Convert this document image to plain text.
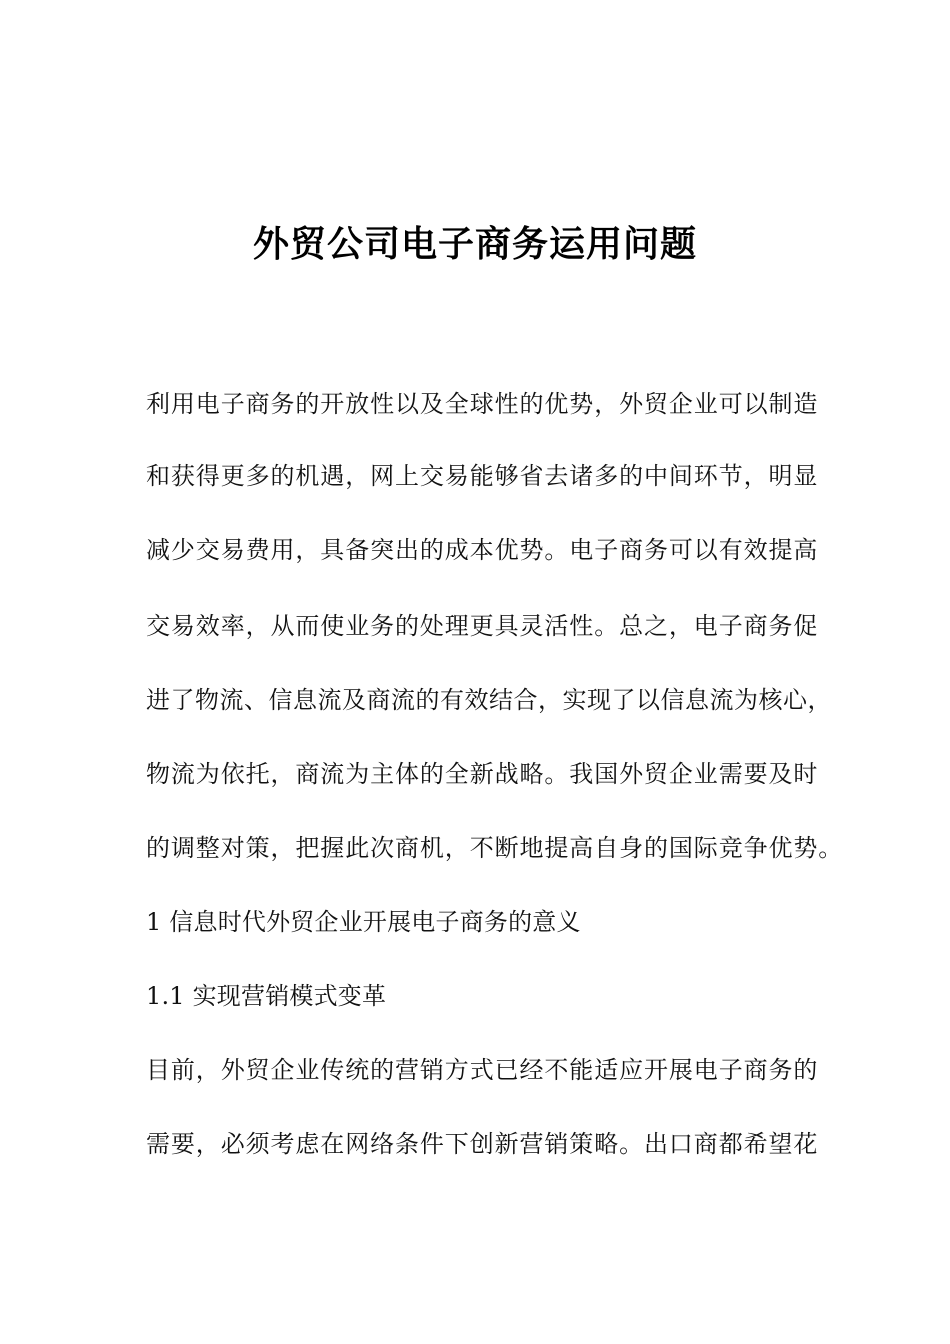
外贸公司电子商务运用问题
利用电子商务的开放性以及全球性的优势，外贸企业可以制造
和获得更多的机遇，网上交易能够省去诸多的中间环节，明显
减少交易费用，具备突出的成本优势。电子商务可以有效提高
交易效率，从而使业务的处理更具灵活性。总之，电子商务促
进了物流、信息流及商流的有效结合，实现了以信息流为核心，
物流为依托，商流为主体的全新战略。我国外贸企业需要及时
的调整对策，把握此次商机，不断地提高自身的国际竞争优势。
1 信息时代外贸企业开展电子商务的意义
1.1 实现营销模式变革
目前，外贸企业传统的营销方式已经不能适应开展电子商务的
需要，必须考虑在网络条件下创新营销策略。出口商都希望花
